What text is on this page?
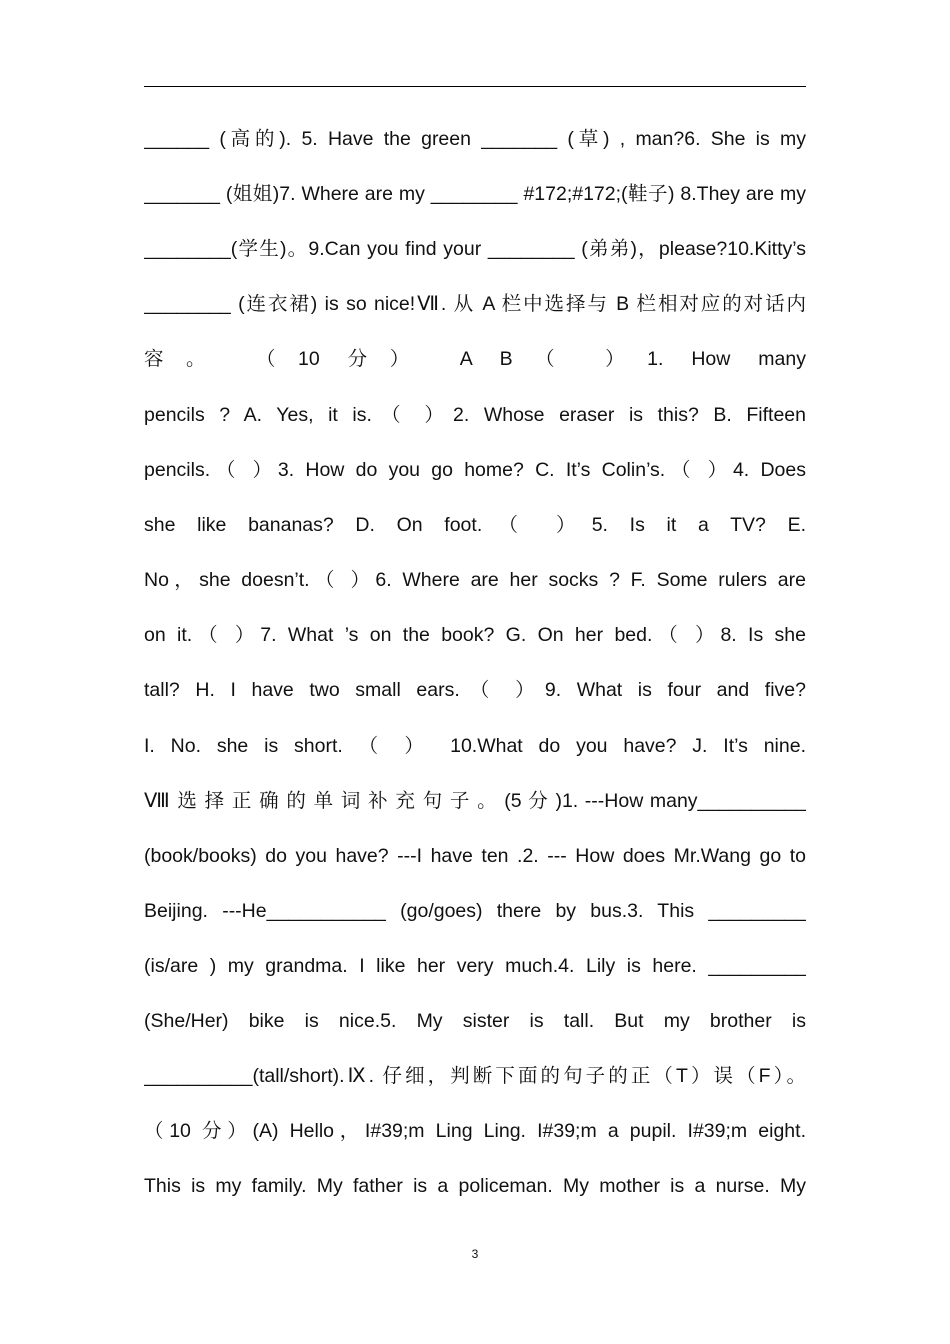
______ (高的). 5. Have the green _______ (草) , man?6. She is my
_______ (姐姐)7. Where are my ________ #172;#172;(鞋子) 8.They are my
________(学生)。9.Can you find your ________ (弟弟)，please?10.Kitty’s
________ (连衣裙) is so nice!Ⅶ. 从 A 栏中选择与 B 栏相对应的对话内
容。 （10 分） A B（ ）1. How many
pencils ? A. Yes, it is.（ ）2. Whose eraser is this? B. Fifteen
pencils.（ ）3. How do you go home? C. It’s Colin’s.（ ）4. Does
she like bananas? D. On foot.（ ）5. Is it a TV? E.
No，she doesn’t.（ ）6. Where are her socks ? F. Some rulers are
on it.（ ）7. What ’s on the book? G. On her bed.（ ）8. Is she
tall? H. I have two small ears.（ ）9. What is four and five?
I. No. she is short. （ ） 10.What do you have? J. It’s nine.
Ⅷ 选 择 正 确 的 单 词 补 充 句 子 。 (5 分 )1. ---How many__________
(book/books) do you have? ---I have ten .2. --- How does Mr.Wang go to
Beijing. ---He___________ (go/goes) there by bus.3. This _________
(is/are ) my grandma. I like her very much.4. Lily is here. _________
(She/Her) bike is nice.5. My sister is tall. But my brother is
__________(tall/short).Ⅸ. 仔细，判断下面的句子的正（T）误（F）。
（10 分）(A) Hello，I#39;m Ling Ling. I#39;m a pupil. I#39;m eight.
This is my family. My father is a policeman. My mother is a nurse. My
3
